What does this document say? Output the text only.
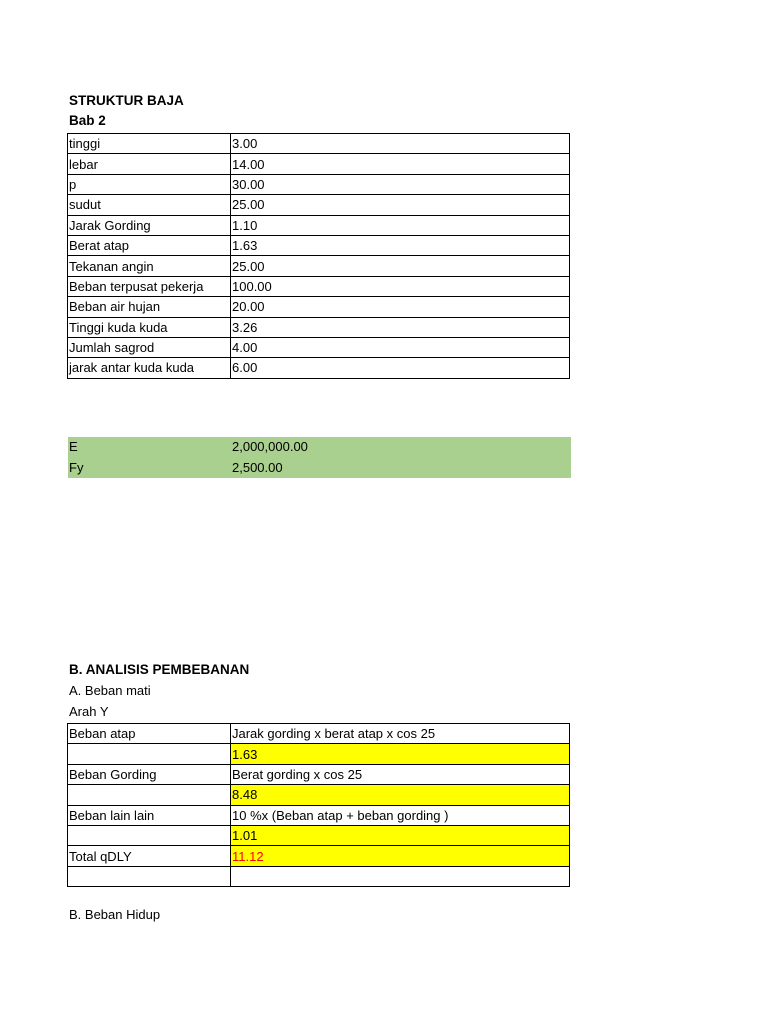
STRUKTUR BAJA
Bab 2
tinggi	3.00
lebar	14.00
p	30.00
sudut	25.00
Jarak Gording	1.10
Berat atap	1.63
Tekanan angin	25.00
Beban terpusat pekerja	100.00
Beban air hujan	20.00
Tinggi kuda kuda	3.26
Jumlah sagrod	4.00
jarak antar kuda kuda	6.00
E	2,000,000.00
Fy	2,500.00
B. ANALISIS PEMBEBANAN
A. Beban mati
Arah Y
Beban atap	Jarak gording x berat atap x cos 25
	1.63
Beban Gording	Berat gording x cos 25
	8.48
Beban lain lain	10 %x (Beban atap + beban gording )
	1.01
Total qDLY	11.12

B. Beban Hidup
